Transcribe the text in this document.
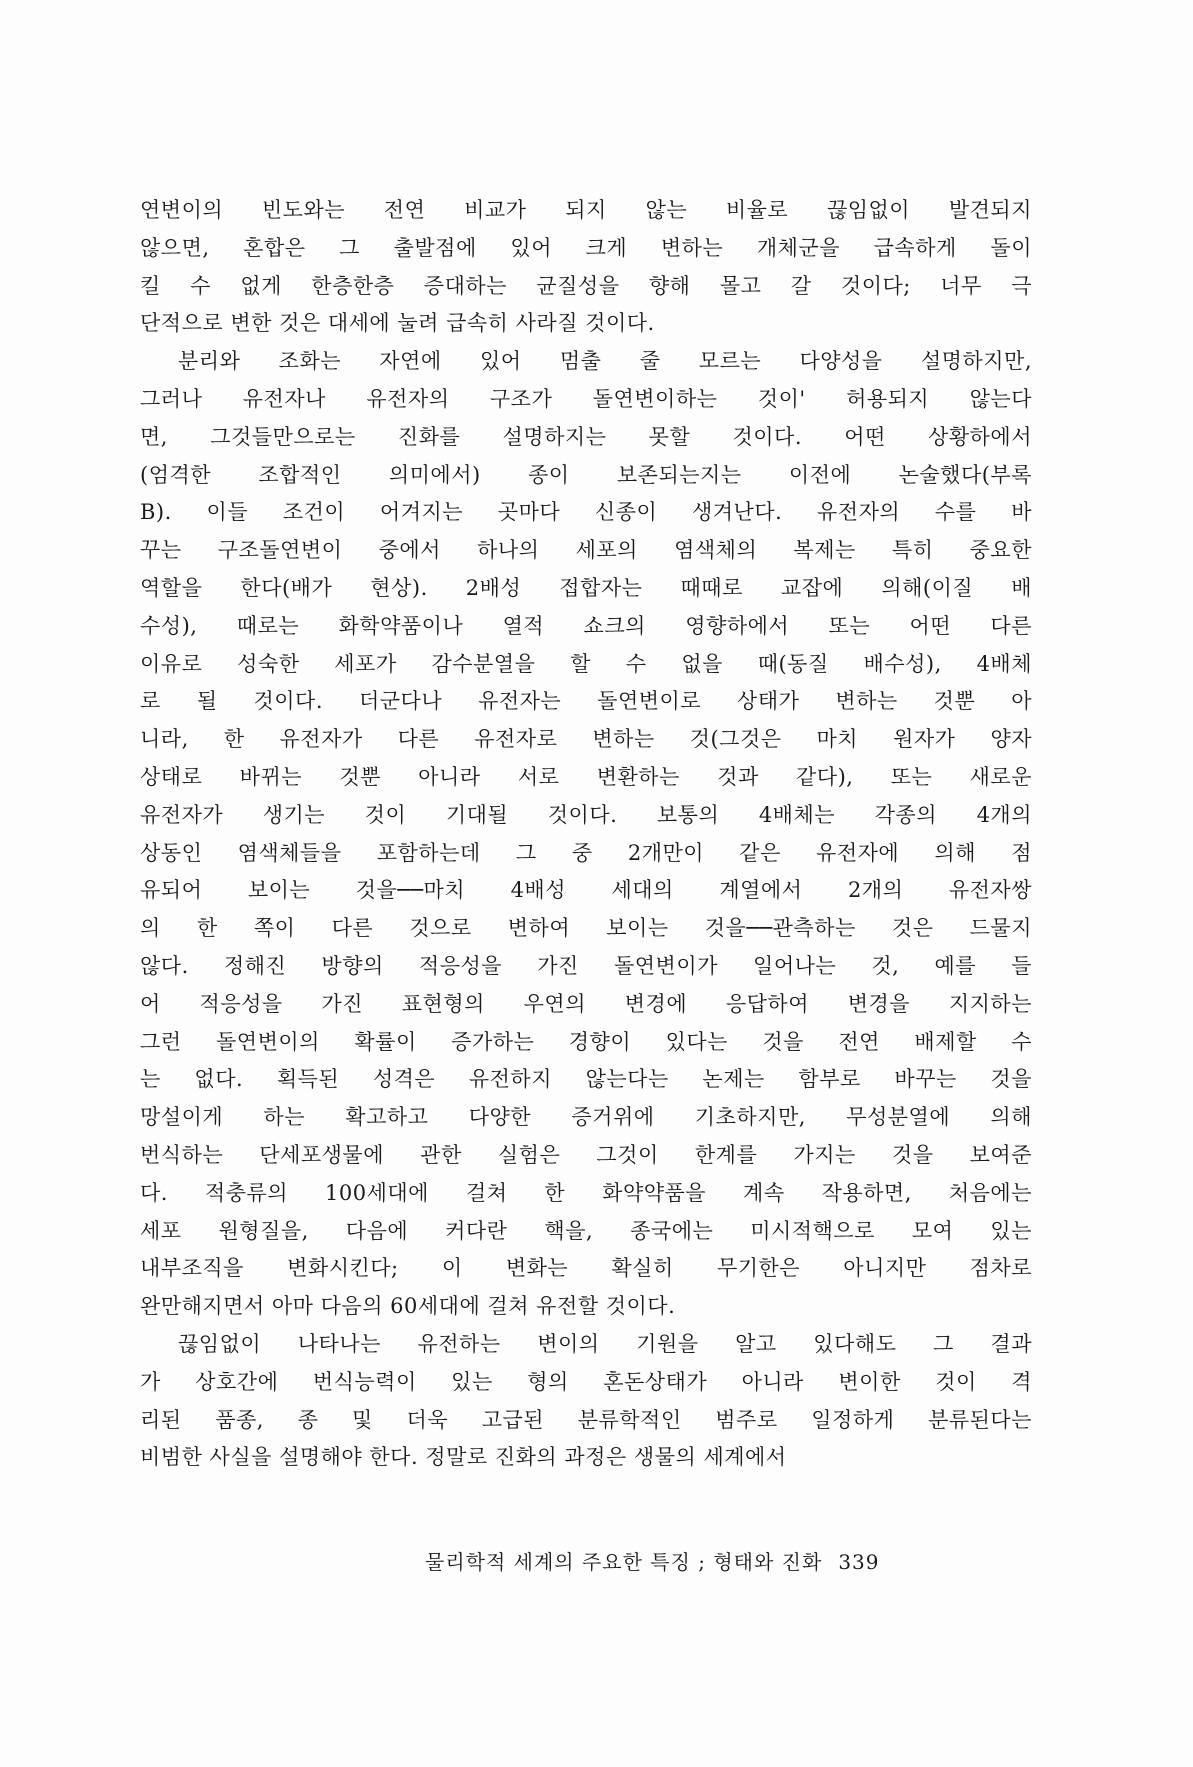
연변이의 빈도와는 전연 비교가 되지 않는 비율로 끊임없이 발견되지
않으면, 혼합은 그 출발점에 있어 크게 변하는 개체군을 급속하게 돌이
킬 수 없게 한층한층 증대하는 균질성을 향해 몰고 갈 것이다; 너무 극
단적으로 변한 것은 대세에 눌려 급속히 사라질 것이다.
분리와 조화는 자연에 있어 멈출 줄 모르는 다양성을 설명하지만,
그러나 유전자나 유전자의 구조가 돌연변이하는 것이' 허용되지 않는다
면, 그것들만으로는 진화를 설명하지는 못할 것이다. 어떤 상황하에서
(엄격한 조합적인 의미에서) 종이 보존되는지는 이전에 논술했다(부록
B). 이들 조건이 어겨지는 곳마다 신종이 생겨난다. 유전자의 수를 바
꾸는 구조돌연변이 중에서 하나의 세포의 염색체의 복제는 특히 중요한
역할을 한다(배가 현상). 2배성 접합자는 때때로 교잡에 의해(이질 배
수성), 때로는 화학약품이나 열적 쇼크의 영향하에서 또는 어떤 다른
이유로 성숙한 세포가 감수분열을 할 수 없을 때(동질 배수성), 4배체
로 될 것이다. 더군다나 유전자는 돌연변이로 상태가 변하는 것뿐 아
니라, 한 유전자가 다른 유전자로 변하는 것(그것은 마치 원자가 양자
상태로 바뀌는 것뿐 아니라 서로 변환하는 것과 같다), 또는 새로운
유전자가 생기는 것이 기대될 것이다. 보통의 4배체는 각종의 4개의
상동인 염색체들을 포함하는데 그 중 2개만이 같은 유전자에 의해 점
유되어 보이는 것을──마치 4배성 세대의 계열에서 2개의 유전자쌍
의 한 쪽이 다른 것으로 변하여 보이는 것을──관측하는 것은 드물지
않다. 정해진 방향의 적응성을 가진 돌연변이가 일어나는 것, 예를 들
어 적응성을 가진 표현형의 우연의 변경에 응답하여 변경을 지지하는
그런 돌연변이의 확률이 증가하는 경향이 있다는 것을 전연 배제할 수
는 없다. 획득된 성격은 유전하지 않는다는 논제는 함부로 바꾸는 것을
망설이게 하는 확고하고 다양한 증거위에 기초하지만, 무성분열에 의해
번식하는 단세포생물에 관한 실험은 그것이 한계를 가지는 것을 보여준
다. 적충류의 100세대에 걸쳐 한 화약약품을 계속 작용하면, 처음에는
세포 원형질을, 다음에 커다란 핵을, 종국에는 미시적핵으로 모여 있는
내부조직을 변화시킨다; 이 변화는 확실히 무기한은 아니지만 점차로
완만해지면서 아마 다음의 60세대에 걸쳐 유전할 것이다.
끊임없이 나타나는 유전하는 변이의 기원을 알고 있다해도 그 결과
가 상호간에 번식능력이 있는 형의 혼돈상태가 아니라 변이한 것이 격
리된 품종, 종 및 더욱 고급된 분류학적인 범주로 일정하게 분류된다는
비범한 사실을 설명해야 한다. 정말로 진화의 과정은 생물의 세계에서
물리학적 세계의 주요한 특징 ; 형태와 진화 339
